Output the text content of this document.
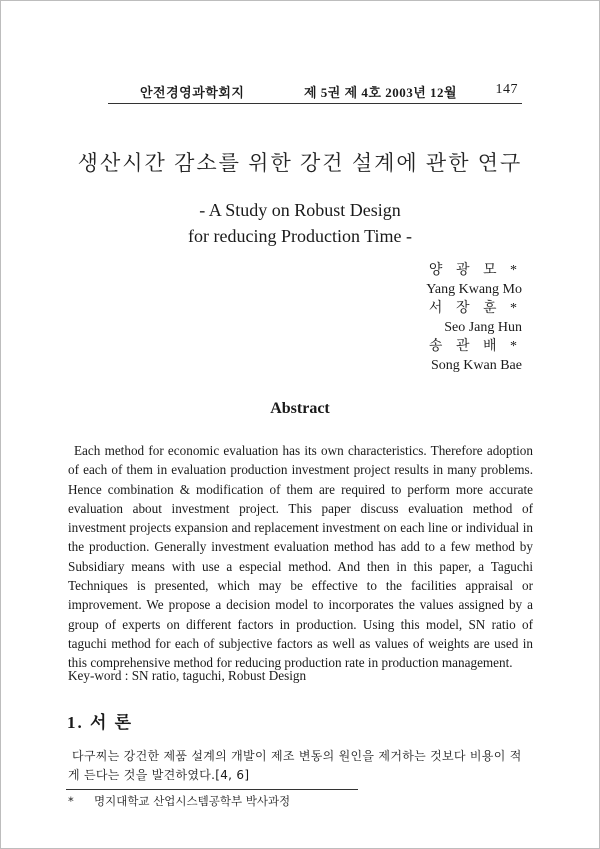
안전경영과학회지	제 5권 제 4호 2003년 12월	147
생산시간 감소를 위한 강건 설계에 관한 연구
- A Study on Robust Design
for reducing Production Time -
양 광 모 *
Yang Kwang Mo
서 장 훈 *
Seo Jang Hun
송 관 배 *
Song Kwan Bae
Abstract
Each method for economic evaluation has its own characteristics. Therefore adoption of each of them in evaluation production investment project results in many problems. Hence combination & modification of them are required to perform more accurate evaluation about investment project. This paper discuss evaluation method of investment projects expansion and replacement investment on each line or individual in the production. Generally investment evaluation method has add to a few method by Subsidiary means with use a especial method. And then in this paper, a Taguchi Techniques is presented, which may be effective to the facilities appraisal or improvement. We propose a decision model to incorporates the values assigned by a group of experts on different factors in production. Using this model, SN ratio of taguchi method for each of subjective factors as well as values of weights are used in this comprehensive method for reducing production rate in production management.
Key-word : SN ratio, taguchi, Robust Design
1. 서 론
다구찌는 강건한 제품 설계의 개발이 제조 변동의 원인을 제거하는 것보다 비용이 적게 든다는 것을 발견하였다.[4, 6]
* 명지대학교 산업시스템공학부 박사과정
